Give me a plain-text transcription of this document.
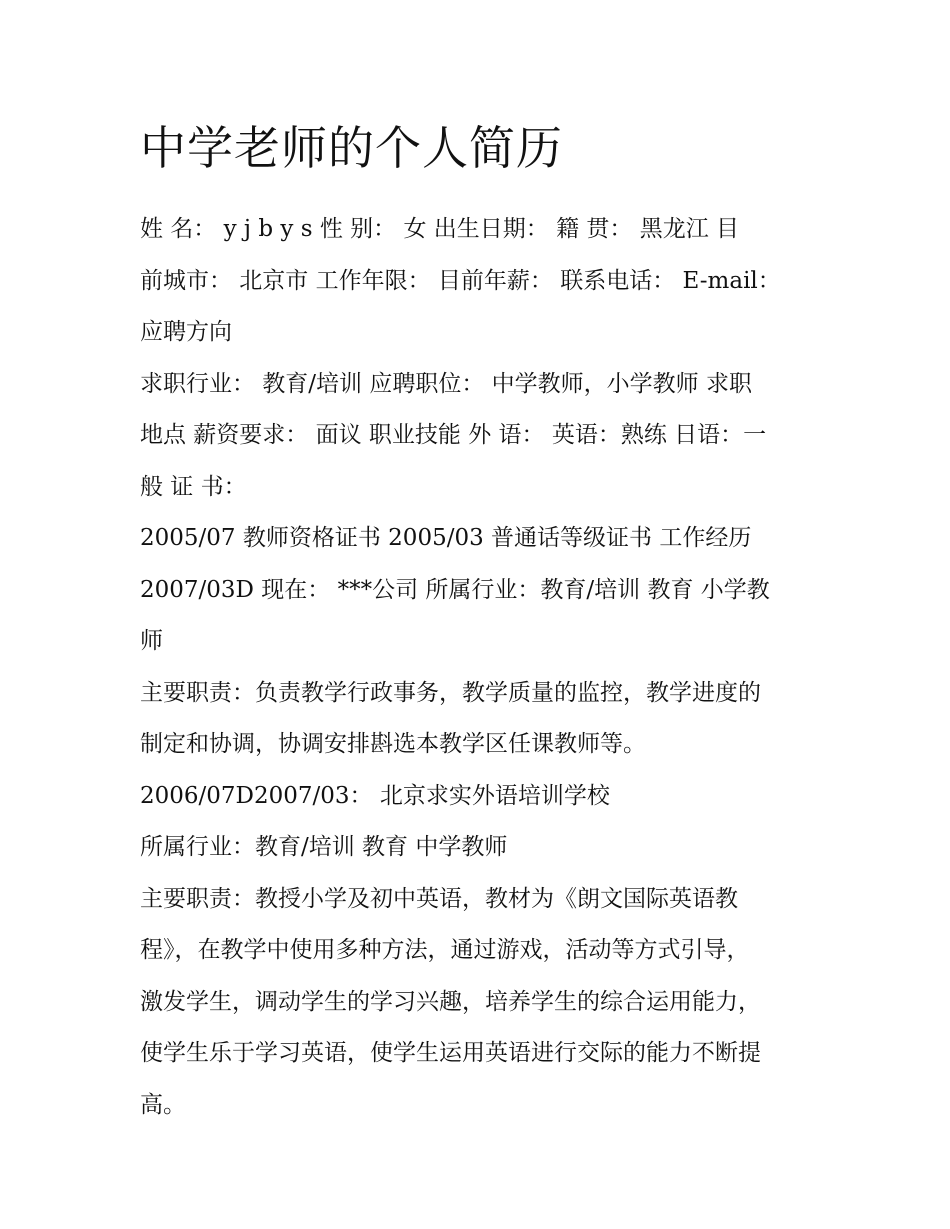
中学老师的个人简历

姓 名： y j b y s 性 别： 女 出生日期： 籍 贯： 黑龙江 目

前城市： 北京市 工作年限： 目前年薪： 联系电话： E-mail：

应聘方向

求职行业： 教育/培训 应聘职位： 中学教师，小学教师 求职

地点 薪资要求： 面议 职业技能 外 语： 英语：熟练 日语：一

般 证 书：

2005/07 教师资格证书 2005/03 普通话等级证书 工作经历

2007/03D 现在： ***公司 所属行业：教育/培训 教育 小学教

师

主要职责：负责教学行政事务，教学质量的监控，教学进度的

制定和协调，协调安排斟选本教学区任课教师等。

2006/07D2007/03： 北京求实外语培训学校

所属行业：教育/培训 教育 中学教师

主要职责：教授小学及初中英语，教材为《朗文国际英语教

程》，在教学中使用多种方法，通过游戏，活动等方式引导，

激发学生，调动学生的学习兴趣，培养学生的综合运用能力，

使学生乐于学习英语，使学生运用英语进行交际的能力不断提

高。
